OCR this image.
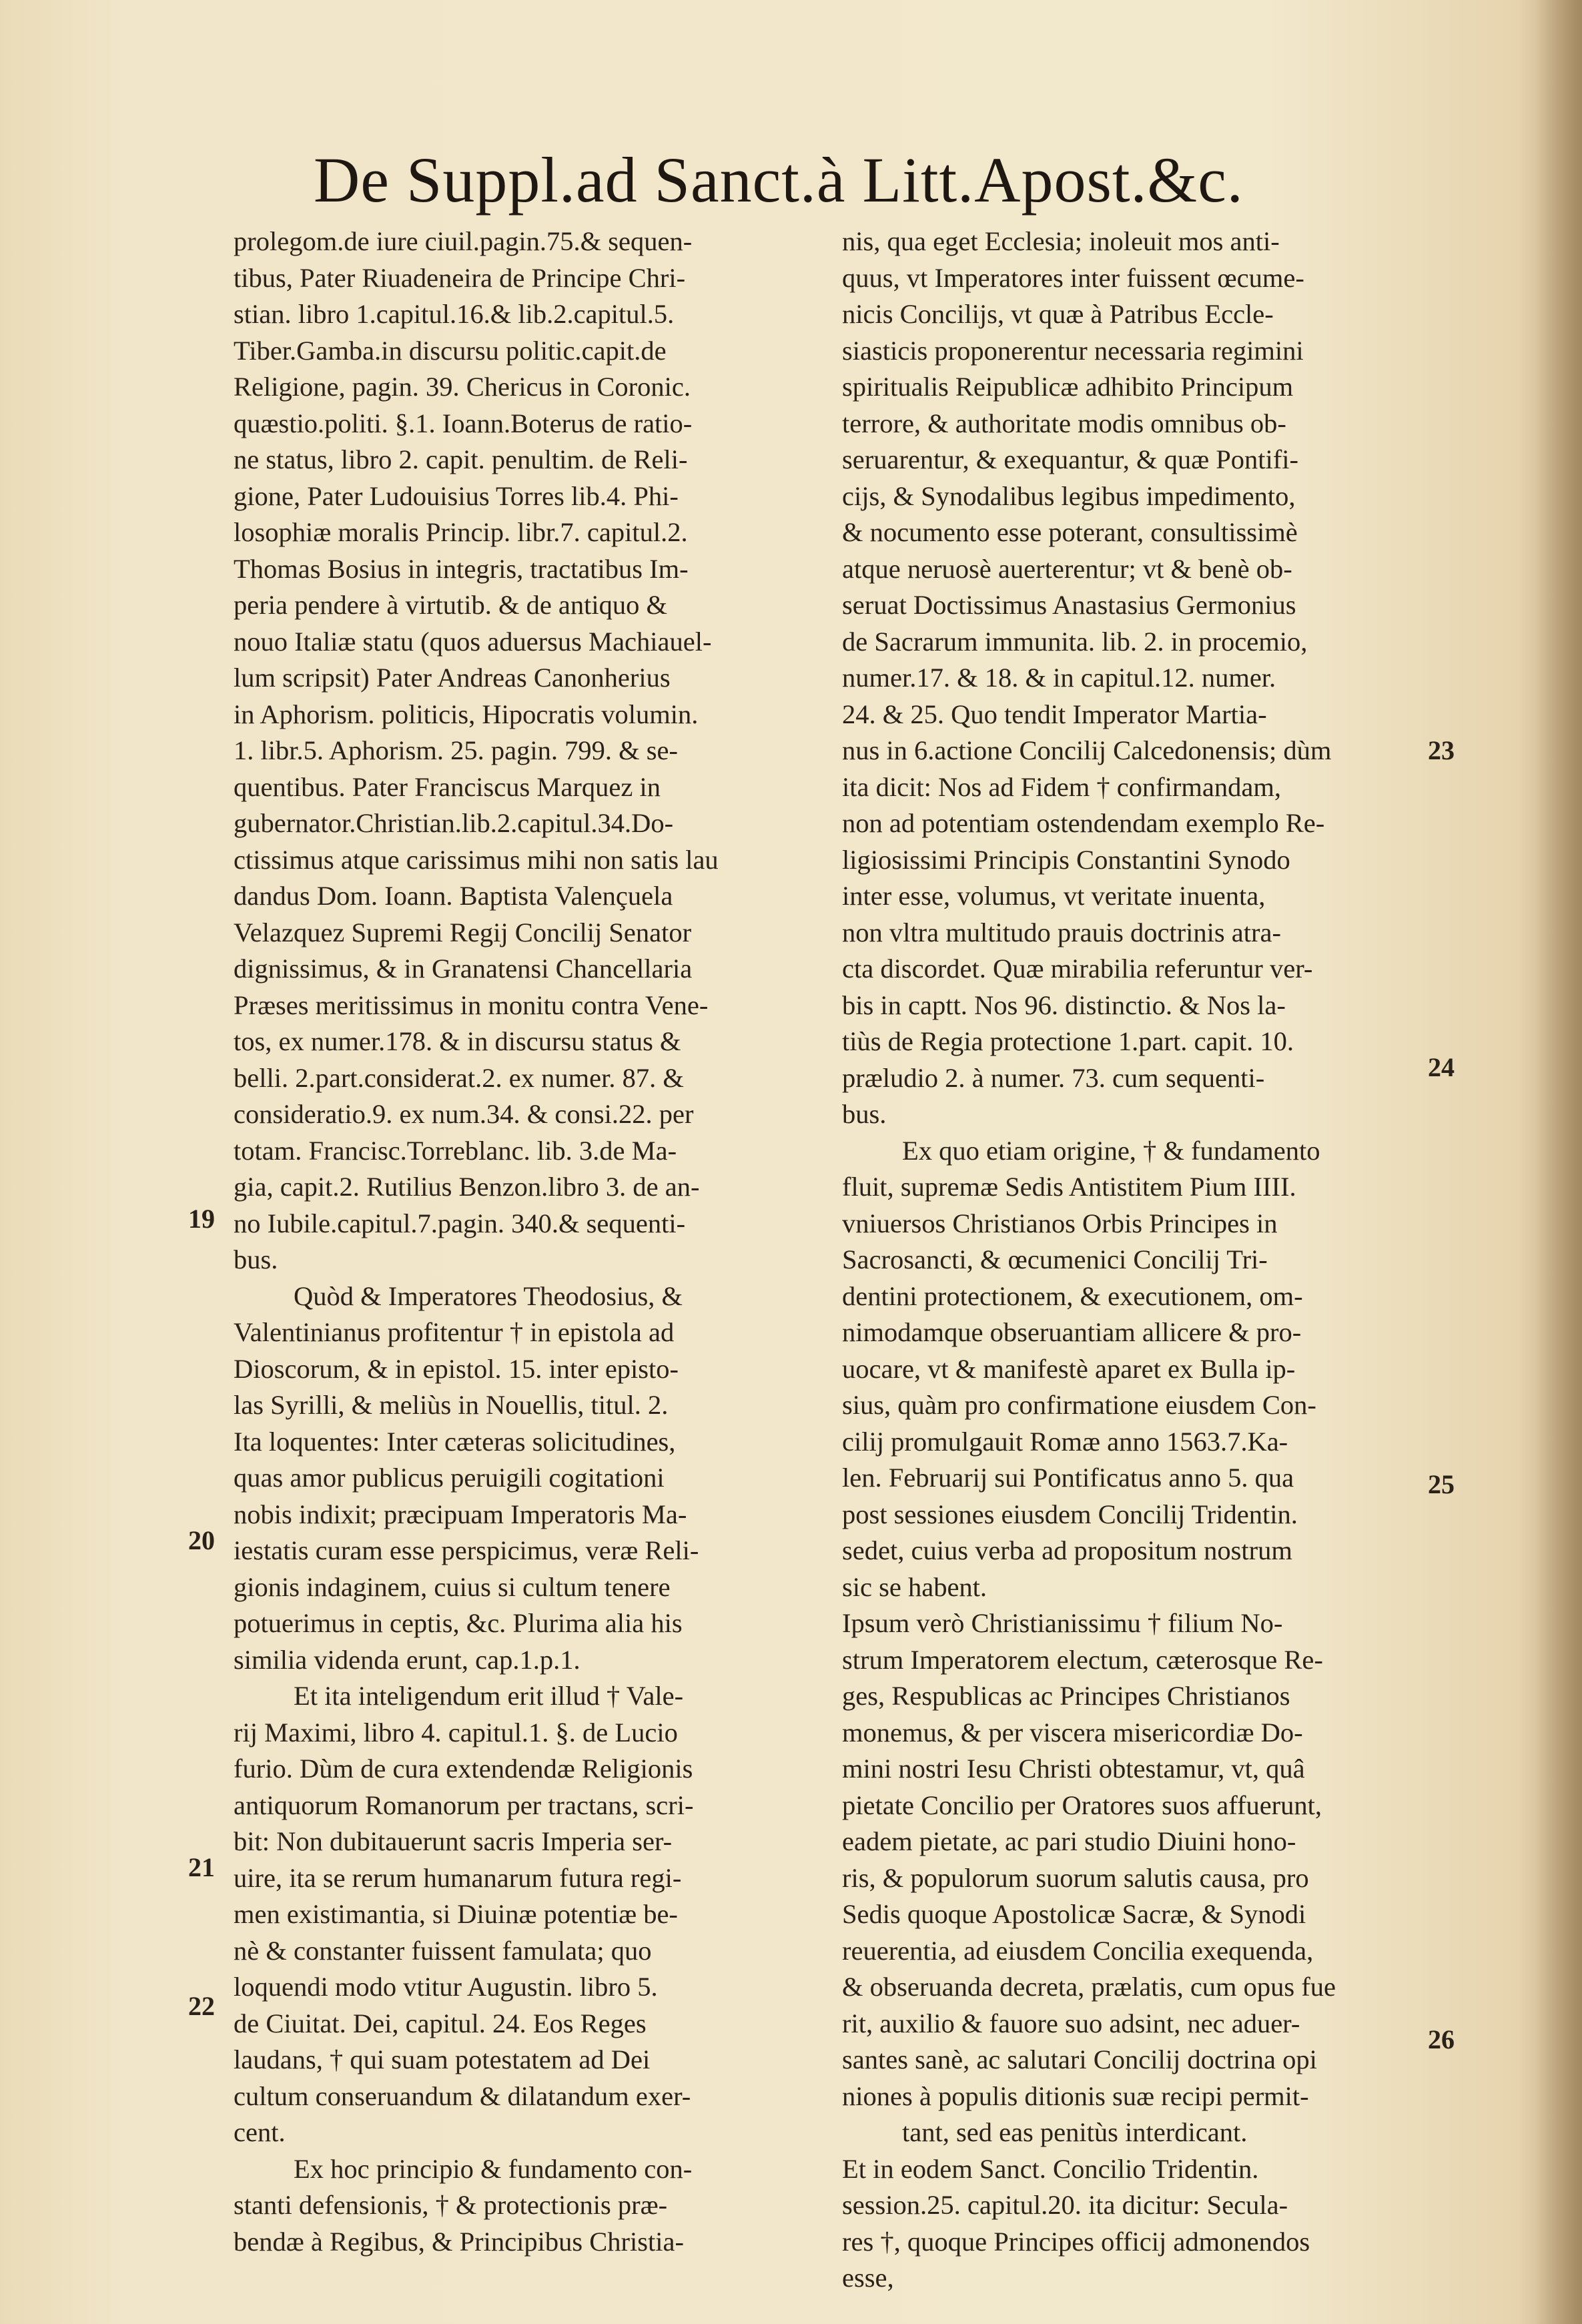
De Suppl.ad Sanct.à Litt.Apost.&c.
prolegom.de iure ciuil.pagin.75.& sequen-
tibus, Pater Riuadeneira de Principe Chri-
stian. libro 1.capitul.16.& lib.2.capitul.5.
Tiber.Gamba.in discursu politic.capit.de
Religione, pagin. 39. Chericus in Coronic.
quæstio.politi. §.1. Ioann.Boterus de ratio-
ne status, libro 2. capit. penultim. de Reli-
gione, Pater Ludouisius Torres lib.4. Phi-
losophiæ moralis Princip. libr.7. capitul.2.
Thomas Bosius in integris, tractatibus Im-
peria pendere à virtutib. & de antiquo &
nouo Italiæ statu (quos aduersus Machiauel-
lum scripsit) Pater Andreas Canonherius
in Aphorism. politicis, Hipocratis volumin.
1. libr.5. Aphorism. 25. pagin. 799. & se-
quentibus. Pater Franciscus Marquez in
gubernator.Christian.lib.2.capitul.34.Do-
ctissimus atque carissimus mihi non satis lau
dandus Dom. Ioann. Baptista Valençuela
Velazquez Supremi Regij Concilij Senator
dignissimus, & in Granatensi Chancellaria
Præses meritissimus in monitu contra Vene-
tos, ex numer.178. & in discursu status &
belli. 2.part.considerat.2. ex numer. 87. &
consideratio.9. ex num.34. & consi.22. per
totam. Francisc.Torreblanc. lib. 3.de Ma-
gia, capit.2. Rutilius Benzon.libro 3. de an-
no Iubile.capitul.7.pagin. 340.& sequenti-
bus.
Quòd & Imperatores Theodosius, &
Valentinianus profitentur † in epistola ad
Dioscorum, & in epistol. 15. inter episto-
las Syrilli, & meliùs in Nouellis, titul. 2.
Ita loquentes: Inter cæteras solicitudines,
quas amor publicus peruigili cogitationi
nobis indixit; præcipuam Imperatoris Ma-
iestatis curam esse perspicimus, veræ Reli-
gionis indaginem, cuius si cultum tenere
potuerimus in ceptis, &c. Plurima alia his
similia videnda erunt, cap.1.p.1.
Et ita inteligendum erit illud † Vale-
rij Maximi, libro 4. capitul.1. §. de Lucio
furio. Dùm de cura extendendæ Religionis
antiquorum Romanorum per tractans, scri-
bit: Non dubitauerunt sacris Imperia ser-
uire, ita se rerum humanarum futura regi-
men existimantia, si Diuinæ potentiæ be-
nè & constanter fuissent famulata; quo
loquendi modo vtitur Augustin. libro 5.
de Ciuitat. Dei, capitul. 24. Eos Reges
laudans, † qui suam potestatem ad Dei
cultum conseruandum & dilatandum exer-
cent.
Ex hoc principio & fundamento con-
stanti defensionis, † & protectionis præ-
bendæ à Regibus, & Principibus Christia-
nis, qua eget Ecclesia; inoleuit mos anti-
quus, vt Imperatores inter fuissent œcume-
nicis Concilijs, vt quæ à Patribus Eccle-
siasticis proponerentur necessaria regimini
spiritualis Reipublicæ adhibito Principum
terrore, & authoritate modis omnibus ob-
seruarentur, & exequantur, & quæ Pontifi-
cijs, & Synodalibus legibus impedimento,
& nocumento esse poterant, consultissimè
atque neruosè auerterentur; vt & benè ob-
seruat Doctissimus Anastasius Germonius
de Sacrarum immunita. lib. 2. in procemio,
numer.17. & 18. & in capitul.12. numer.
24. & 25. Quo tendit Imperator Martia-
nus in 6.actione Concilij Calcedonensis; dùm
ita dicit: Nos ad Fidem † confirmandam,
non ad potentiam ostendendam exemplo Re-
ligiosissimi Principis Constantini Synodo
inter esse, volumus, vt veritate inuenta,
non vltra multitudo prauis doctrinis atra-
cta discordet. Quæ mirabilia referuntur ver-
bis in captt. Nos 96. distinctio. & Nos la-
tiùs de Regia protectione 1.part. capit. 10.
præludio 2. à numer. 73. cum sequenti-
bus.
Ex quo etiam origine, † & fundamento
fluit, supremæ Sedis Antistitem Pium IIII.
vniuersos Christianos Orbis Principes in
Sacrosancti, & œcumenici Concilij Tri-
dentini protectionem, & executionem, om-
nimodamque obseruantiam allicere & pro-
uocare, vt & manifestè aparet ex Bulla ip-
sius, quàm pro confirmatione eiusdem Con-
cilij promulgauit Romæ anno 1563.7.Ka-
len. Februarij sui Pontificatus anno 5. qua
post sessiones eiusdem Concilij Tridentin.
sedet, cuius verba ad propositum nostrum
sic se habent.
Ipsum verò Christianissimu † filium No-
strum Imperatorem electum, cæterosque Re-
ges, Respublicas ac Principes Christianos
monemus, & per viscera misericordiæ Do-
mini nostri Iesu Christi obtestamur, vt, quâ
pietate Concilio per Oratores suos affuerunt,
eadem pietate, ac pari studio Diuini hono-
ris, & populorum suorum salutis causa, pro
Sedis quoque Apostolicæ Sacræ, & Synodi
reuerentia, ad eiusdem Concilia exequenda,
& obseruanda decreta, prælatis, cum opus fue
rit, auxilio & fauore suo adsint, nec aduer-
santes sanè, ac salutari Concilij doctrina opi
niones à populis ditionis suæ recipi permit-
tant, sed eas penitùs interdicant.
Et in eodem Sanct. Concilio Tridentin.
session.25. capitul.20. ita dicitur: Secula-
res †, quoque Principes officij admonendos
esse,
19
20
21
22
23
24
25
26
